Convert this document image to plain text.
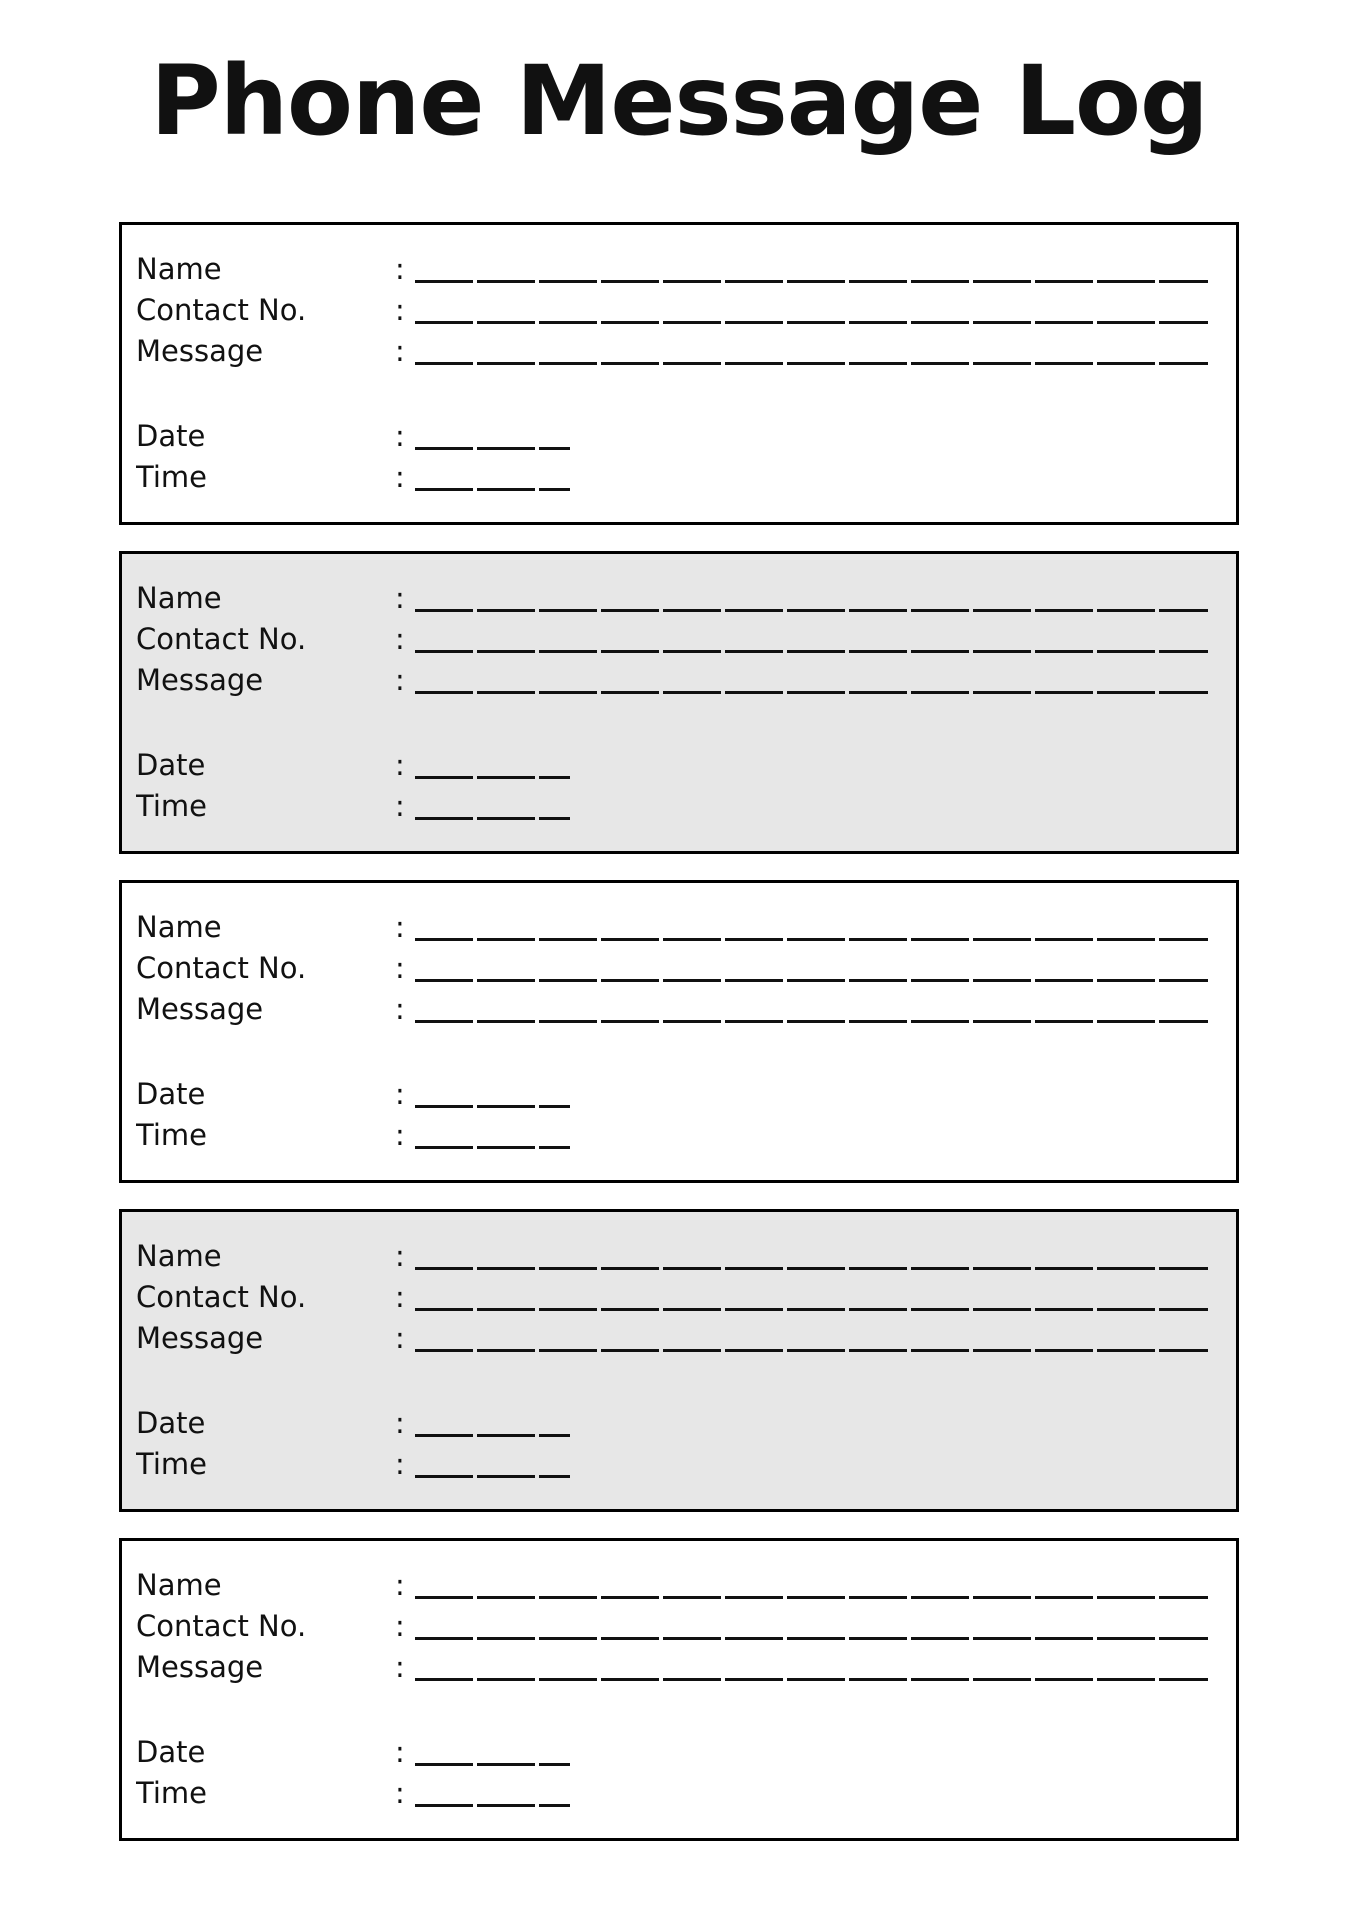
Phone Message Log
Name	:
Contact No.	:
Message	:
Date	:
Time	:
Name	:
Contact No.	:
Message	:
Date	:
Time	:
Name	:
Contact No.	:
Message	:
Date	:
Time	:
Name	:
Contact No.	:
Message	:
Date	:
Time	:
Name	:
Contact No.	:
Message	:
Date	:
Time	:
